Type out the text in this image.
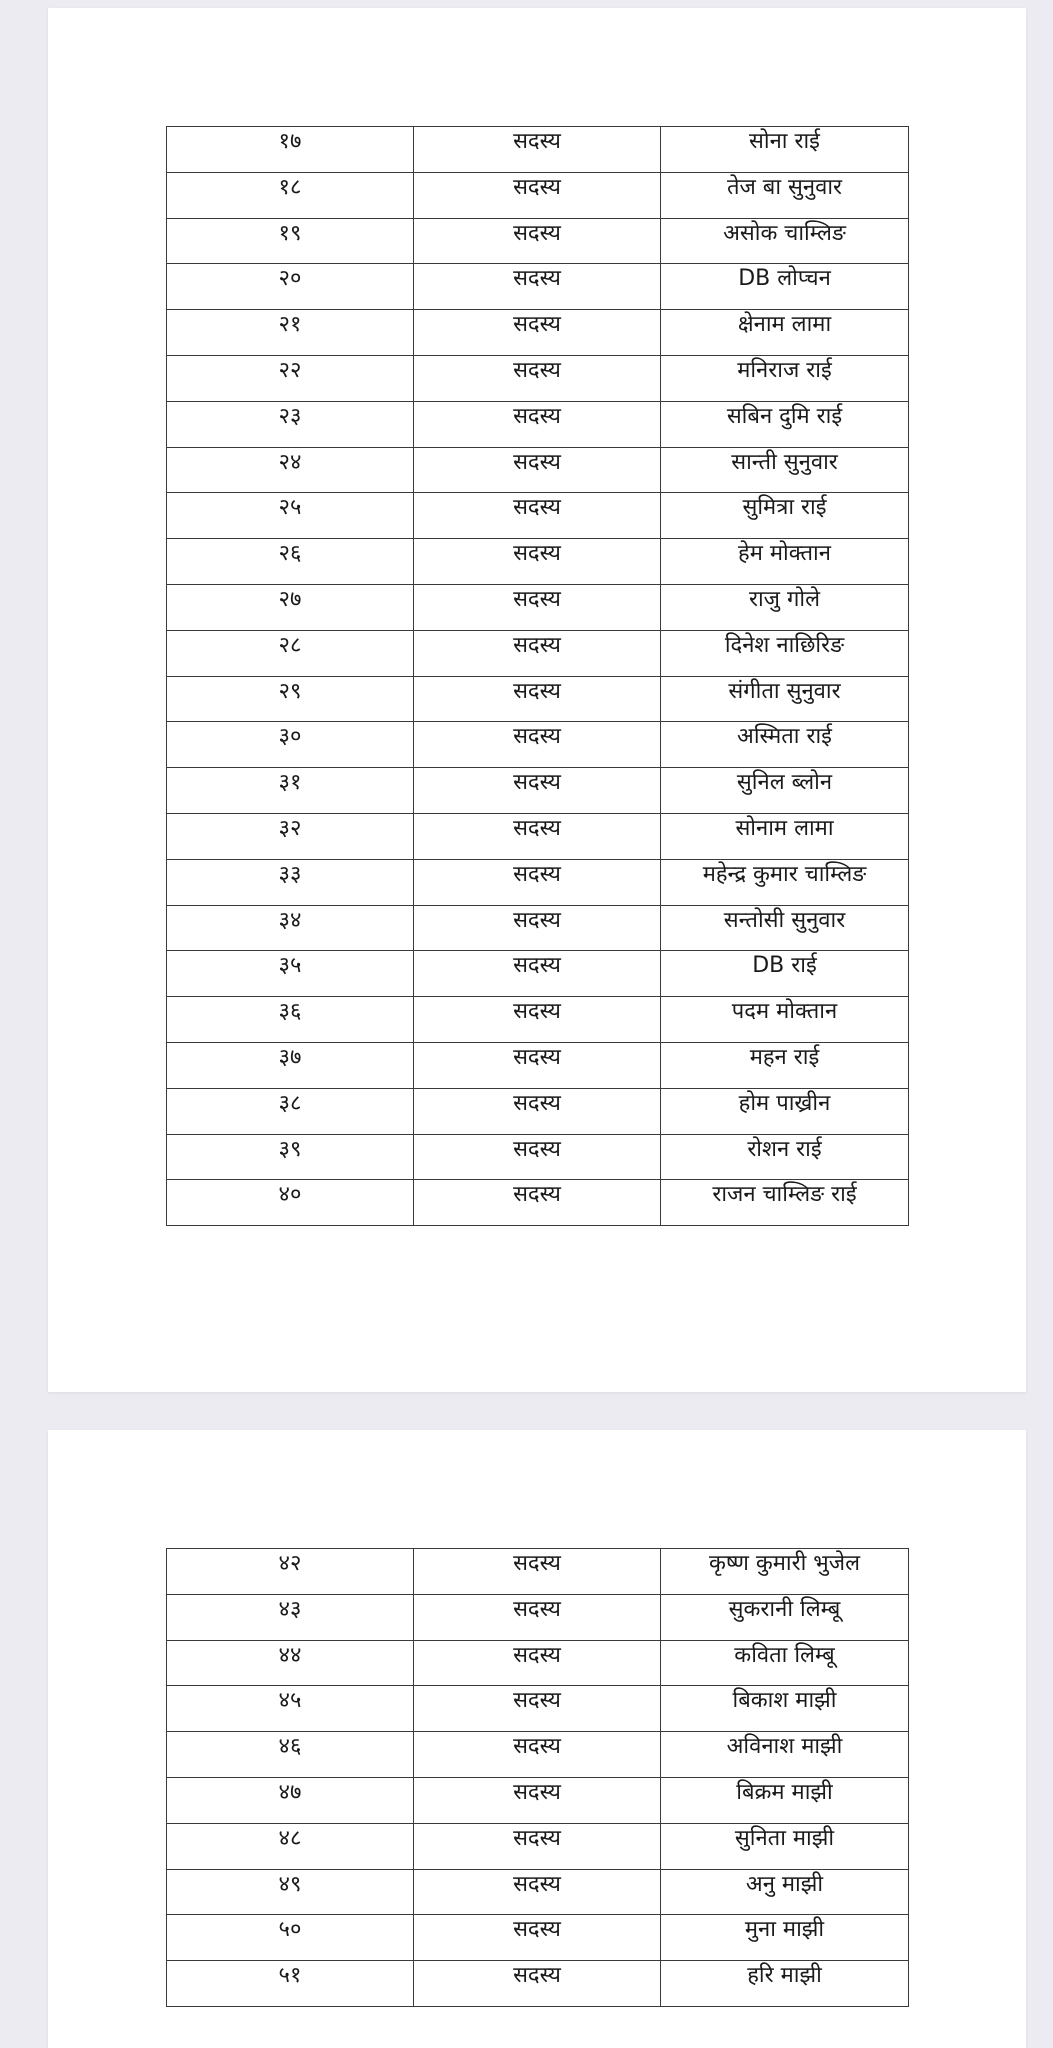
१७	सदस्य	सोना राई
१८	सदस्य	तेज बा सुनुवार
१९	सदस्य	असोक चाम्लिङ
२०	सदस्य	DB लोप्चन
२१	सदस्य	क्षेनाम लामा
२२	सदस्य	मनिराज राई
२३	सदस्य	सबिन दुमि राई
२४	सदस्य	सान्ती सुनुवार
२५	सदस्य	सुमित्रा राई
२६	सदस्य	हेम मोक्तान
२७	सदस्य	राजु गोले
२८	सदस्य	दिनेश नाछिरिङ
२९	सदस्य	संगीता सुनुवार
३०	सदस्य	अस्मिता राई
३१	सदस्य	सुनिल ब्लोन
३२	सदस्य	सोनाम लामा
३३	सदस्य	महेन्द्र कुमार चाम्लिङ
३४	सदस्य	सन्तोसी सुनुवार
३५	सदस्य	DB राई
३६	सदस्य	पदम मोक्तान
३७	सदस्य	महन राई
३८	सदस्य	होम पाख्रीन
३९	सदस्य	रोशन राई
४०	सदस्य	राजन चाम्लिङ राई
४२	सदस्य	कृष्ण कुमारी भुजेल
४३	सदस्य	सुकरानी लिम्बू
४४	सदस्य	कविता लिम्बू
४५	सदस्य	बिकाश माझी
४६	सदस्य	अविनाश माझी
४७	सदस्य	बिक्रम माझी
४८	सदस्य	सुनिता माझी
४९	सदस्य	अनु माझी
५०	सदस्य	मुना माझी
५१	सदस्य	हरि माझी
